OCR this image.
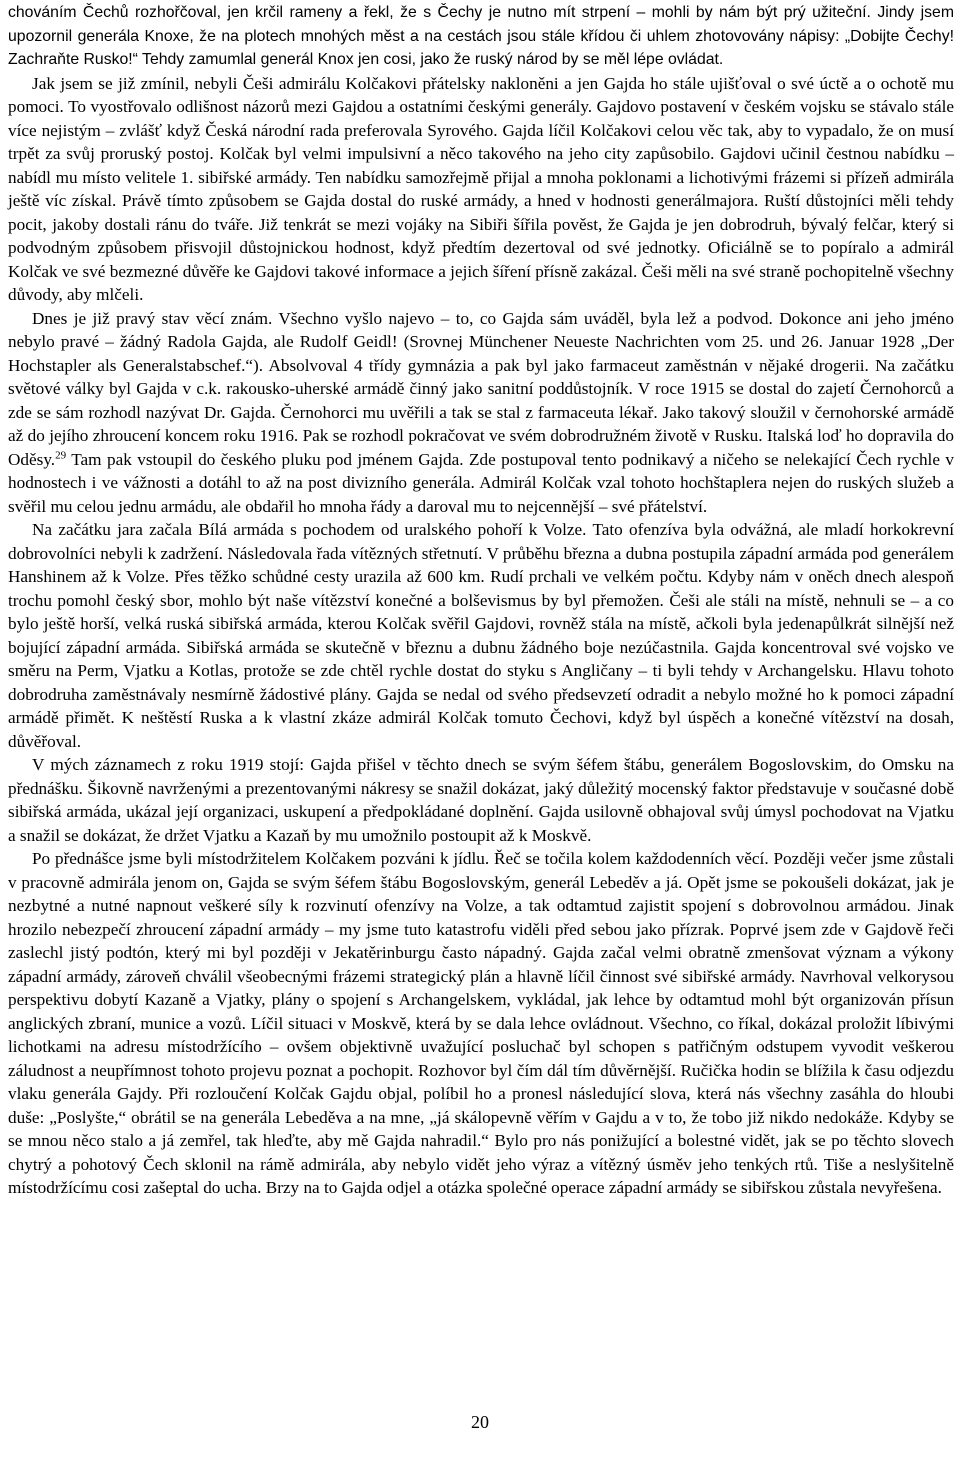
chováním Čechů rozhořčoval, jen krčil rameny a řekl, že s Čechy je nutno mít strpení – mohli by nám být prý užiteční. Jindy jsem upozornil generála Knoxe, že na plotech mnohých měst a na cestách jsou stále křídou či uhlem zhotovovány nápisy: „Dobijte Čechy! Zachraňte Rusko!“ Tehdy zamumlal generál Knox jen cosi, jako že ruský národ by se měl lépe ovládat.

Jak jsem se již zmínil, nebyli Češi admirálu Kolčakovi přátelsky nakloněni a jen Gajda ho stále ujišťoval o své úctě a o ochotě mu pomoci. To vyostřovalo odlišnost názorů mezi Gajdou a ostatními českými generály. Gajdovo postavení v českém vojsku se stávalo stále více nejistým – zvlášť když Česká národní rada preferovala Syrového. Gajda líčil Kolčakovi celou věc tak, aby to vypadalo, že on musí trpět za svůj proruský postoj. Kolčak byl velmi impulsivní a něco takového na jeho city zapůsobilo. Gajdovi učinil čestnou nabídku – nabídl mu místo velitele 1. sibiřské armády. Ten nabídku samozřejmě přijal a mnoha poklonami a lichotivými frázemi si přízeň admirála ještě víc získal. Právě tímto způsobem se Gajda dostal do ruské armády, a hned v hodnosti generálmajora. Ruští důstojníci měli tehdy pocit, jakoby dostali ránu do tváře. Již tenkrát se mezi vojáky na Sibiři šířila pověst, že Gajda je jen dobrodruh, bývalý felčar, který si podvodným způsobem přisvojil důstojnickou hodnost, když předtím dezertoval od své jednotky. Oficiálně se to popíralo a admirál Kolčak ve své bezmezné důvěře ke Gajdovi takové informace a jejich šíření přísně zakázal. Češi měli na své straně pochopitelně všechny důvody, aby mlčeli.

Dnes je již pravý stav věcí znám. Všechno vyšlo najevo – to, co Gajda sám uváděl, byla lež a podvod. Dokonce ani jeho jméno nebylo pravé – žádný Radola Gajda, ale Rudolf Geidl! (Srovnej Münchener Neueste Nachrichten vom 25. und 26. Januar 1928 „Der Hochstapler als Generalstabschef.“). Absolvoval 4 třídy gymnázia a pak byl jako farmaceut zaměstnán v nějaké drogerii. Na začátku světové války byl Gajda v c.k. rakousko-uherské armádě činný jako sanitní poddůstojník. V roce 1915 se dostal do zajetí Černohorců a zde se sám rozhodl nazývat Dr. Gajda. Černohorci mu uvěřili a tak se stal z farmaceuta lékař. Jako takový sloužil v černohorské armádě až do jejího zhroucení koncem roku 1916. Pak se rozhodl pokračovat ve svém dobrodružném životě v Rusku. Italská loď ho dopravila do Oděsy.$^{29}$ Tam pak vstoupil do českého pluku pod jménem Gajda. Zde postupoval tento podnikavý a ničeho se nelekající Čech rychle v hodnostech i ve vážnosti a dotáhl to až na post divizního generála. Admirál Kolčak vzal tohoto hochštaplera nejen do ruských služeb a svěřil mu celou jednu armádu, ale obdařil ho mnoha řády a daroval mu to nejcennější – své přátelství.

Na začátku jara začala Bílá armáda s pochodem od uralského pohoří k Volze. Tato ofenzíva byla odvážná, ale mladí horkokrevní dobrovolníci nebyli k zadržení. Následovala řada vítězných střetnutí. V průběhu března a dubna postupila západní armáda pod generálem Hanshinem až k Volze. Přes těžko schůdné cesty urazila až 600 km. Rudí prchali ve velkém počtu. Kdyby nám v oněch dnech alespoň trochu pomohl český sbor, mohlo být naše vítězství konečné a bolševismus by byl přemožen. Češi ale stáli na místě, nehnuli se – a co bylo ještě horší, velká ruská sibiřská armáda, kterou Kolčak svěřil Gajdovi, rovněž stála na místě, ačkoli byla jedenapůlkrát silnější než bojující západní armáda. Sibiřská armáda se skutečně v březnu a dubnu žádného boje nezúčastnila. Gajda koncentroval své vojsko ve směru na Perm, Vjatku a Kotlas, protože se zde chtěl rychle dostat do styku s Angličany – ti byli tehdy v Archangelsku. Hlavu tohoto dobrodruha zaměstnávaly nesmírně žádostivé plány. Gajda se nedal od svého předsevzetí odradit a nebylo možné ho k pomoci západní armádě přimět. K neštěstí Ruska a k vlastní zkáze admirál Kolčak tomuto Čechovi, když byl úspěch a konečné vítězství na dosah, důvěřoval.

V mých záznamech z roku 1919 stojí: Gajda přišel v těchto dnech se svým šéfem štábu, generálem Bogoslovskim, do Omsku na přednášku. Šikovně navrženými a prezentovanými nákresy se snažil dokázat, jaký důležitý mocenský faktor představuje v současné době sibiřská armáda, ukázal její organizaci, uskupení a předpokládané doplnění. Gajda usilovně obhajoval svůj úmysl pochodovat na Vjatku a snažil se dokázat, že držet Vjatku a Kazaň by mu umožnilo postoupit až k Moskvě.

Po přednášce jsme byli místodržitelem Kolčakem pozváni k jídlu. Řeč se točila kolem každodenních věcí. Později večer jsme zůstali v pracovně admirála jenom on, Gajda se svým šéfem štábu Bogoslovským, generál Lebeděv a já. Opět jsme se pokoušeli dokázat, jak je nezbytné a nutné napnout veškeré síly k rozvinutí ofenzívy na Volze, a tak odtamtud zajistit spojení s dobrovolnou armádou. Jinak hrozilo nebezpečí zhroucení západní armády – my jsme tuto katastrofu viděli před sebou jako přízrak. Poprvé jsem zde v Gajdově řeči zaslechl jistý podtón, který mi byl později v Jekatěrinburgu často nápadný. Gajda začal velmi obratně zmenšovat význam a výkony západní armády, zároveň chválil všeobecnými frázemi strategický plán a hlavně líčil činnost své sibiřské armády. Navrhoval velkorysou perspektivu dobytí Kazaně a Vjatky, plány o spojení s Archangelskem, vykládal, jak lehce by odtamtud mohl být organizován přísun anglických zbraní, munice a vozů. Líčil situaci v Moskvě, která by se dala lehce ovládnout. Všechno, co říkal, dokázal proložit líbivými lichotkami na adresu místodržícího – ovšem objektivně uvažující posluchač byl schopen s patřičným odstupem vyvodit veškerou záludnost a neupřímnost tohoto projevu poznat a pochopit. Rozhovor byl čím dál tím důvěrnější. Ručička hodin se blížila k času odjezdu vlaku generála Gajdy. Při rozloučení Kolčak Gajdu objal, políbil ho a pronesl následující slova, která nás všechny zasáhla do hloubi duše: „Poslyšte,“ obrátil se na generála Lebeděva a na mne, „já skálopevně věřím v Gajdu a v to, že tobo již nikdo nedokáže. Kdyby se se mnou něco stalo a já zemřel, tak hleďte, aby mě Gajda nahradil.“ Bylo pro nás ponižující a bolestné vidět, jak se po těchto slovech chytrý a pohotový Čech sklonil na rámě admirála, aby nebylo vidět jeho výraz a vítězný úsměv jeho tenkých rtů. Tiše a neslyšitelně místodržícímu cosi zašeptal do ucha. Brzy na to Gajda odjel a otázka společné operace západní armády se sibiřskou zůstala nevyřešena.

20
